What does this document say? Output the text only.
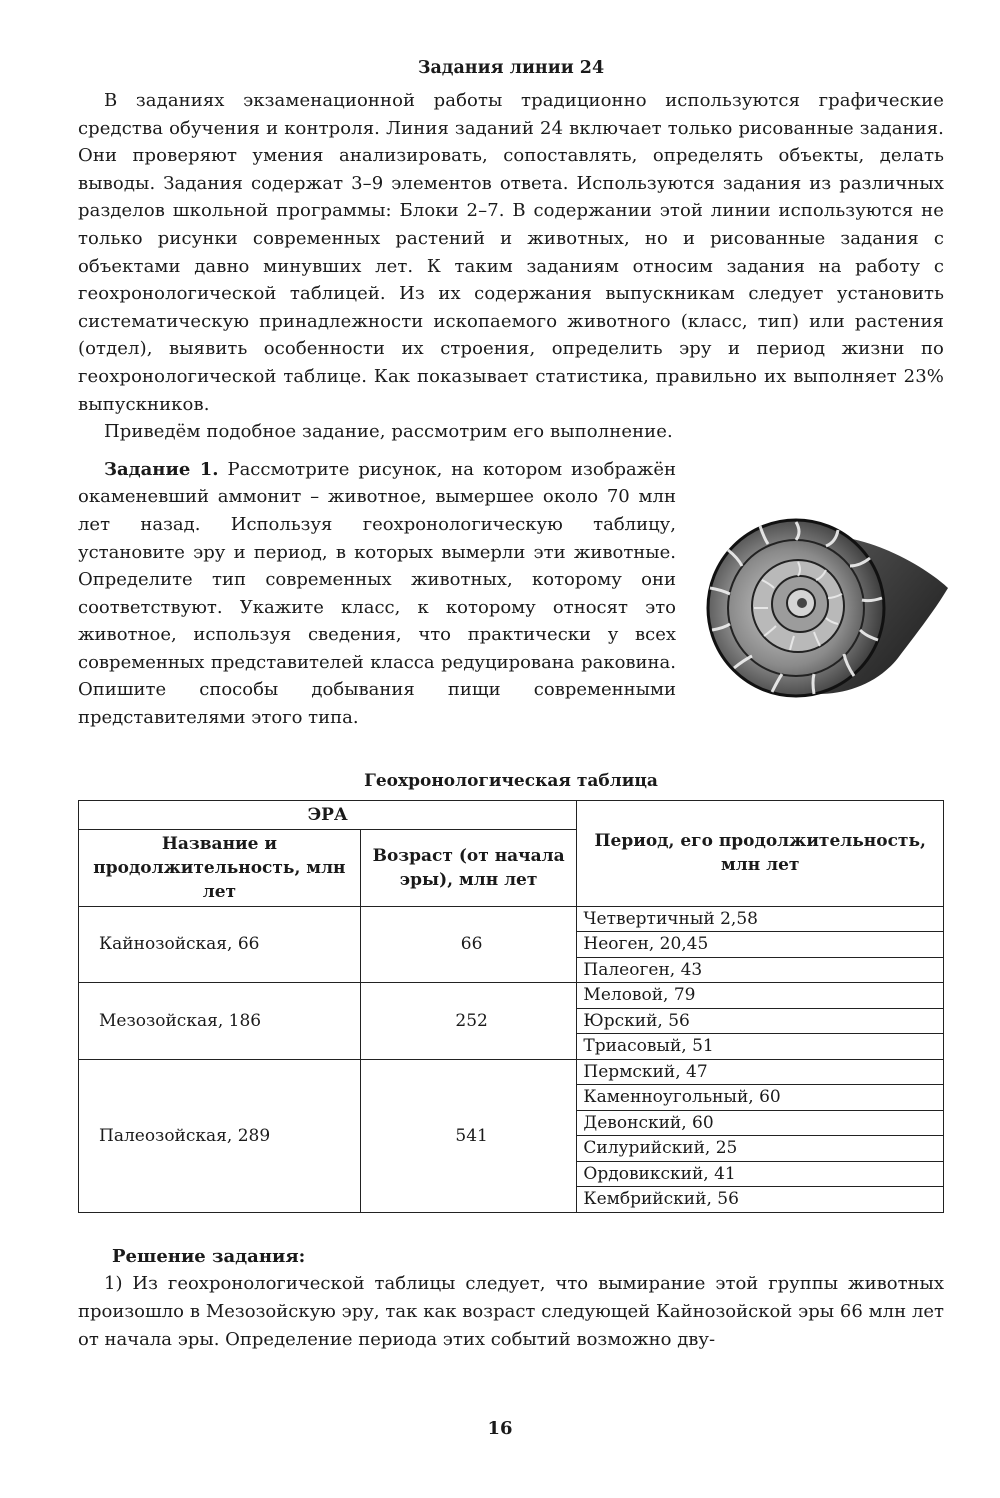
Задания линии 24

В заданиях экзаменационной работы традиционно используются графические средства обучения и контроля. Линия заданий 24 включает только рисованные задания. Они проверяют умения анализировать, сопоставлять, определять объекты, делать выводы. Задания содержат 3–9 элементов ответа. Используются задания из различных разделов школьной программы: Блоки 2–7. В содержании этой линии используются не только рисунки современных растений и животных, но и рисованные задания с объектами давно минувших лет. К таким заданиям относим задания на работу с геохронологической таблицей. Из их содержания выпускникам следует установить систематическую принадлежности ископаемого животного (класс, тип) или растения (отдел), выявить особенности их строения, определить эру и период жизни по геохронологической таблице. Как показывает статистика, правильно их выполняет 23% выпускников.

Приведём подобное задание, рассмотрим его выполнение.

Задание 1. Рассмотрите рисунок, на котором изображён окаменевший аммонит – животное, вымершее около 70 млн лет назад. Используя геохронологическую таблицу, установите эру и период, в которых вымерли эти животные. Определите тип современных животных, которому они соответствуют. Укажите класс, к которому относят это животное, используя сведения, что практически у всех современных представителей класса редуцирована раковина. Опишите способы добывания пищи современными представителями этого типа.
Геохронологическая таблица
ЭРА		Период, его продолжительность, млн лет
Название и продолжительность, млн лет	Возраст (от начала эры), млн лет	
Кайнозойская, 66	66	Четвертичный 2,58
		Неоген, 20,45
		Палеоген, 43
Мезозойская, 186	252	Меловой, 79
		Юрский, 56
		Триасовый, 51
Палеозойская, 289	541	Пермский, 47
		Каменноугольный, 60
		Девонский, 60
		Силурийский, 25
		Ордовикский, 41
		Кембрийский, 56
Решение задания:

1) Из геохронологической таблицы следует, что вымирание этой группы животных произошло в Мезозойскую эру, так как возраст следующей Кайнозойской эры 66 млн лет от начала эры. Определение периода этих событий возможно дву-

16
